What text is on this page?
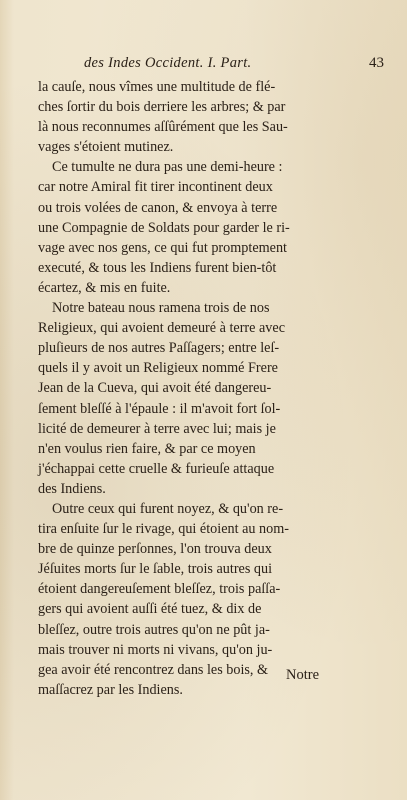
des Indes Occident. I. Part.	43
la cauſe, nous vîmes une multitude de flé-
ches ſortir du bois derriere les arbres; & par
là nous reconnumes aſſûrément que les Sau-
vages s'étoient mutinez.
Ce tumulte ne dura pas une demi-heure :
car notre Amiral fit tirer incontinent deux
ou trois volées de canon, & envoya à terre
une Compagnie de Soldats pour garder le ri-
vage avec nos gens, ce qui fut promptement
executé, & tous les Indiens furent bien-tôt
écartez, & mis en fuite.
Notre bateau nous ramena trois de nos
Religieux, qui avoient demeuré à terre avec
pluſieurs de nos autres Paſſagers; entre leſ-
quels il y avoit un Religieux nommé Frere
Jean de la Cueva, qui avoit été dangereu-
ſement bleſſé à l'épaule : il m'avoit fort ſol-
licité de demeurer à terre avec lui; mais je
n'en voulus rien faire, & par ce moyen
j'échappai cette cruelle & furieuſe attaque
des Indiens.
Outre ceux qui furent noyez, & qu'on re-
tira enſuite ſur le rivage, qui étoient au nom-
bre de quinze perſonnes, l'on trouva deux
Jéſuites morts ſur le ſable, trois autres qui
étoient dangereuſement bleſſez, trois paſſa-
gers qui avoient auſſi été tuez, & dix de
bleſſez, outre trois autres qu'on ne pût ja-
mais trouver ni morts ni vivans, qu'on ju-
gea avoir été rencontrez dans les bois, &
maſſacrez par les Indiens.
Notre
